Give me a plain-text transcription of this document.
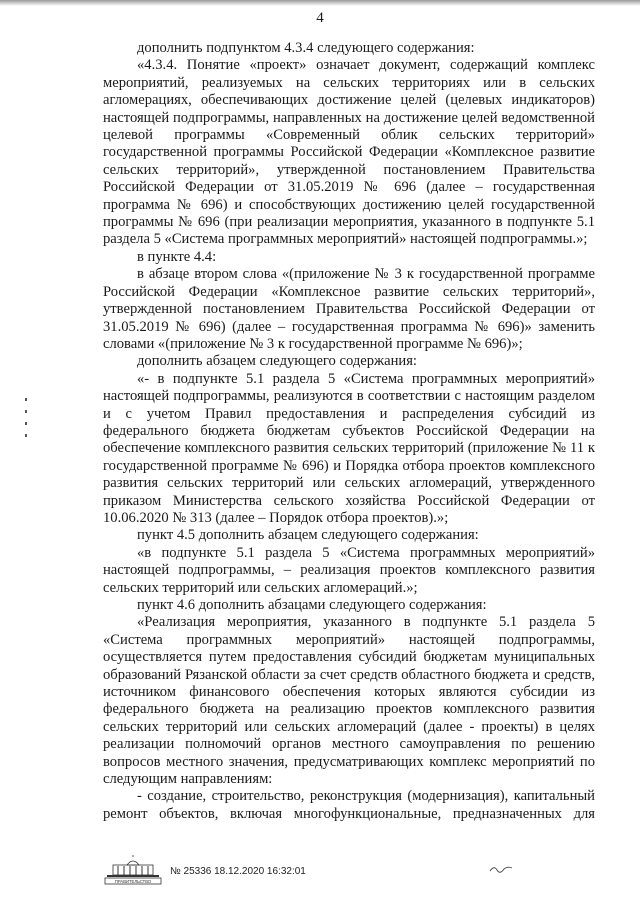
4

дополнить подпунктом 4.3.4 следующего содержания:

«4.3.4. Понятие «проект» означает документ, содержащий комплекс мероприятий, реализуемых на сельских территориях или в сельских агломерациях, обеспечивающих достижение целей (целевых индикаторов) настоящей подпрограммы, направленных на достижение целей ведомственной целевой программы «Современный облик сельских территорий» государственной программы Российской Федерации «Комплексное развитие сельских территорий», утвержденной постановлением Правительства Российской Федерации от 31.05.2019 № 696 (далее – государственная программа № 696) и способствующих достижению целей государственной программы № 696 (при реализации мероприятия, указанного в подпункте 5.1 раздела 5 «Система программных мероприятий» настоящей подпрограммы.»;

в пункте 4.4:

в абзаце втором слова «(приложение № 3 к государственной программе Российской Федерации «Комплексное развитие сельских территорий», утвержденной постановлением Правительства Российской Федерации от 31.05.2019 № 696) (далее – государственная программа № 696)» заменить словами «(приложение № 3 к государственной программе № 696)»;

дополнить абзацем следующего содержания:

«- в подпункте 5.1 раздела 5 «Система программных мероприятий» настоящей подпрограммы, реализуются в соответствии с настоящим разделом и с учетом Правил предоставления и распределения субсидий из федерального бюджета бюджетам субъектов Российской Федерации на обеспечение комплексного развития сельских территорий (приложение № 11 к государственной программе № 696) и Порядка отбора проектов комплексного развития сельских территорий или сельских агломераций, утвержденного приказом Министерства сельского хозяйства Российской Федерации от 10.06.2020 № 313 (далее – Порядок отбора проектов).»;

пункт 4.5 дополнить абзацем следующего содержания:

«в подпункте 5.1 раздела 5 «Система программных мероприятий» настоящей подпрограммы, – реализация проектов комплексного развития сельских территорий или сельских агломераций.»;

пункт 4.6 дополнить абзацами следующего содержания:

«Реализация мероприятия, указанного в подпункте 5.1 раздела 5 «Система программных мероприятий» настоящей подпрограммы, осуществляется путем предоставления субсидий бюджетам муниципальных образований Рязанской области за счет средств областного бюджета и средств, источником финансового обеспечения которых являются субсидии из федерального бюджета на реализацию проектов комплексного развития сельских территорий или сельских агломераций (далее - проекты) в целях реализации полномочий органов местного самоуправления по решению вопросов местного значения, предусматривающих комплекс мероприятий по следующим направлениям:

- создание, строительство, реконструкция (модернизация), капитальный ремонт объектов, включая многофункциональные, предназначенных для

ПРАВИТЕЛЬСТВО
№ 25336 18.12.2020 16:32:01
